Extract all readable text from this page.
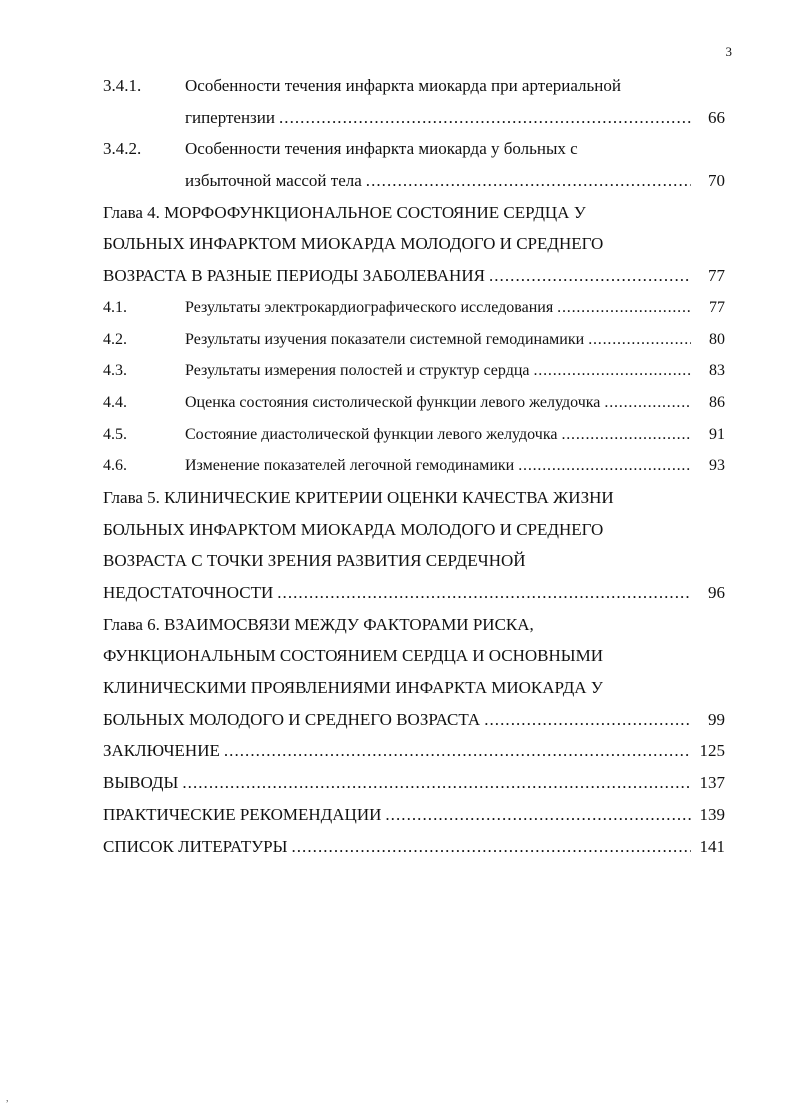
3
3.4.1.	Особенности течения инфаркта миокарда при артериальной
гипертензии . . .	66
3.4.2.	Особенности течения инфаркта миокарда у больных с
избыточной массой тела . . .	70
Глава 4. МОРФОФУНКЦИОНАЛЬНОЕ СОСТОЯНИЕ СЕРДЦА У
БОЛЬНЫХ ИНФАРКТОМ МИОКАРДА МОЛОДОГО И СРЕДНЕГО
ВОЗРАСТА В РАЗНЫЕ ПЕРИОДЫ ЗАБОЛЕВАНИЯ . . .	77
4.1.	Результаты электрокардиографического исследования . . .	77
4.2.	Результаты изучения показатели системной гемодинамики . . .	80
4.3.	Результаты измерения полостей и структур сердца . . .	83
4.4.	Оценка состояния систолической функции левого желудочка . . .	86
4.5.	Состояние диастолической функции левого желудочка . . .	91
4.6.	Изменение показателей легочной гемодинамики . . .	93
Глава 5. КЛИНИЧЕСКИЕ КРИТЕРИИ ОЦЕНКИ КАЧЕСТВА ЖИЗНИ
БОЛЬНЫХ ИНФАРКТОМ МИОКАРДА МОЛОДОГО И СРЕДНЕГО
ВОЗРАСТА С ТОЧКИ ЗРЕНИЯ РАЗВИТИЯ СЕРДЕЧНОЙ
НЕДОСТАТОЧНОСТИ . . .	96
Глава 6. ВЗАИМОСВЯЗИ МЕЖДУ ФАКТОРАМИ РИСКА,
ФУНКЦИОНАЛЬНЫМ СОСТОЯНИЕМ СЕРДЦА И ОСНОВНЫМИ
КЛИНИЧЕСКИМИ ПРОЯВЛЕНИЯМИ ИНФАРКТА МИОКАРДА У
БОЛЬНЫХ МОЛОДОГО И СРЕДНЕГО ВОЗРАСТА . . .	99
ЗАКЛЮЧЕНИЕ . . .	125
ВЫВОДЫ . . .	137
ПРАКТИЧЕСКИЕ РЕКОМЕНДАЦИИ . . .	139
СПИСОК ЛИТЕРАТУРЫ . . .	141
,
